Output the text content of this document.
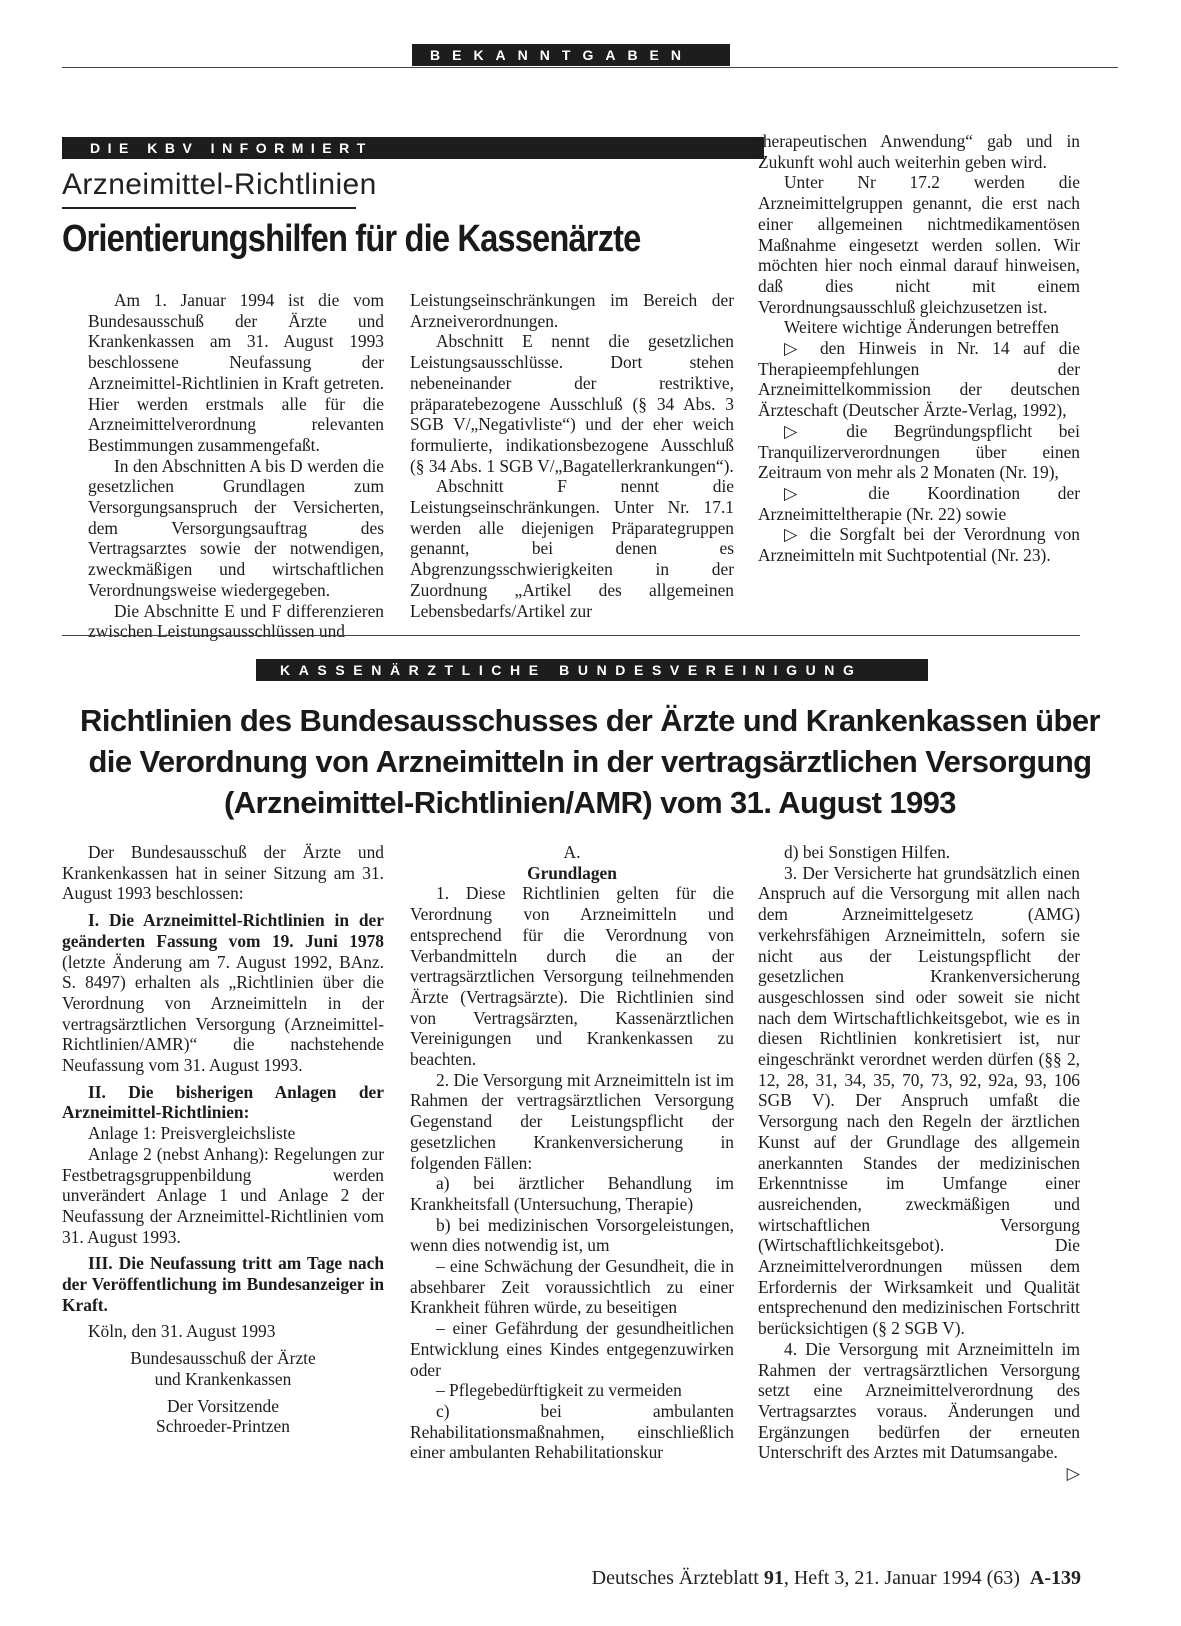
BEKANNTGABEN
DIE KBV INFORMIERT
Arzneimittel-Richtlinien
Orientierungshilfen für die Kassenärzte

Am 1. Januar 1994 ist die vom Bundesausschuß der Ärzte und Krankenkassen am 31. August 1993 beschlossene Neufassung der Arzneimittel-Richtlinien in Kraft getreten. Hier werden erstmals alle für die Arzneimittelverordnung relevanten Bestimmungen zusammengefaßt.

In den Abschnitten A bis D werden die gesetzlichen Grundlagen zum Versorgungsanspruch der Versicherten, dem Versorgungsauftrag des Vertragsarztes sowie der notwendigen, zweckmäßigen und wirtschaftlichen Verordnungsweise wiedergegeben.

Die Abschnitte E und F differenzieren zwischen Leistungsausschlüssen und

Leistungseinschränkungen im Bereich der Arzneiverordnungen.

Abschnitt E nennt die gesetzlichen Leistungsausschlüsse. Dort stehen nebeneinander der restriktive, präparatebezogene Ausschluß (§ 34 Abs. 3 SGB V/„Negativliste“) und der eher weich formulierte, indikationsbezogene Ausschluß (§ 34 Abs. 1 SGB V/„Bagatellerkrankungen“).

Abschnitt F nennt die Leistungseinschränkungen. Unter Nr. 17.1 werden alle diejenigen Präparategruppen genannt, bei denen es Abgrenzungsschwierigkeiten in der Zuordnung „Artikel des allgemeinen Lebensbedarfs/Artikel zur

therapeutischen Anwendung“ gab und in Zukunft wohl auch weiterhin geben wird.

Unter Nr 17.2 werden die Arzneimittelgruppen genannt, die erst nach einer allgemeinen nichtmedikamentösen Maßnahme eingesetzt werden sollen. Wir möchten hier noch einmal darauf hinweisen, daß dies nicht mit einem Verordnungsausschluß gleichzusetzen ist.

Weitere wichtige Änderungen betreffen

▷ den Hinweis in Nr. 14 auf die Therapieempfehlungen der Arzneimittelkommission der deutschen Ärzteschaft (Deutscher Ärzte-Verlag, 1992),

▷ die Begründungspflicht bei Tranquilizerverordnungen über einen Zeitraum von mehr als 2 Monaten (Nr. 19),

▷ die Koordination der Arzneimitteltherapie (Nr. 22) sowie

▷ die Sorgfalt bei der Verordnung von Arzneimitteln mit Suchtpotential (Nr. 23).

KASSENÄRZTLICHE BUNDESVEREINIGUNG
Richtlinien des Bundesausschusses der Ärzte und Krankenkassen über
die Verordnung von Arzneimitteln in der vertragsärztlichen Versorgung
(Arzneimittel-Richtlinien/AMR) vom 31. August 1993

Der Bundesausschuß der Ärzte und Krankenkassen hat in seiner Sitzung am 31. August 1993 beschlossen:

I. Die Arzneimittel-Richtlinien in der geänderten Fassung vom 19. Juni 1978 (letzte Änderung am 7. August 1992, BAnz. S. 8497) erhalten als „Richtlinien über die Verordnung von Arzneimitteln in der vertragsärztlichen Versorgung (Arzneimittel-Richtlinien/AMR)“ die nachstehende Neufassung vom 31. August 1993.

II. Die bisherigen Anlagen der Arzneimittel-Richtlinien:

Anlage 1: Preisvergleichsliste

Anlage 2 (nebst Anhang): Regelungen zur Festbetragsgruppenbildung werden unverändert Anlage 1 und Anlage 2 der Neufassung der Arzneimittel-Richtlinien vom 31. August 1993.

III. Die Neufassung tritt am Tage nach der Veröffentlichung im Bundesanzeiger in Kraft.

Köln, den 31. August 1993

Bundesausschuß der Ärzte

und Krankenkassen

Der Vorsitzende

Schroeder-Printzen

A.

Grundlagen

1. Diese Richtlinien gelten für die Verordnung von Arzneimitteln und entsprechend für die Verordnung von Verbandmitteln durch die an der vertragsärztlichen Versorgung teilnehmenden Ärzte (Vertragsärzte). Die Richtlinien sind von Vertragsärzten, Kassenärztlichen Vereinigungen und Krankenkassen zu beachten.

2. Die Versorgung mit Arzneimitteln ist im Rahmen der vertragsärztlichen Versorgung Gegenstand der Leistungspflicht der gesetzlichen Krankenversicherung in folgenden Fällen:

a) bei ärztlicher Behandlung im Krankheitsfall (Untersuchung, Therapie)

b) bei medizinischen Vorsorgeleistungen, wenn dies notwendig ist, um

– eine Schwächung der Gesundheit, die in absehbarer Zeit voraussichtlich zu einer Krankheit führen würde, zu beseitigen

– einer Gefährdung der gesundheitlichen Entwicklung eines Kindes entgegenzuwirken oder

– Pflegebedürftigkeit zu vermeiden

c) bei ambulanten Rehabilitationsmaßnahmen, einschließlich einer ambulanten Rehabilitationskur

d) bei Sonstigen Hilfen.

3. Der Versicherte hat grundsätzlich einen Anspruch auf die Versorgung mit allen nach dem Arzneimittelgesetz (AMG) verkehrsfähigen Arzneimitteln, sofern sie nicht aus der Leistungspflicht der gesetzlichen Krankenversicherung ausgeschlossen sind oder soweit sie nicht nach dem Wirtschaftlichkeitsgebot, wie es in diesen Richtlinien konkretisiert ist, nur eingeschränkt verordnet werden dürfen (§§ 2, 12, 28, 31, 34, 35, 70, 73, 92, 92a, 93, 106 SGB V). Der Anspruch umfaßt die Versorgung nach den Regeln der ärztlichen Kunst auf der Grundlage des allgemein anerkannten Standes der medizinischen Erkenntnisse im Umfange einer ausreichenden, zweckmäßigen und wirtschaftlichen Versorgung (Wirtschaftlichkeitsgebot). Die Arzneimittelverordnungen müssen dem Erfordernis der Wirksamkeit und Qualität entsprechenund den medizinischen Fortschritt berücksichtigen (§ 2 SGB V).

4. Die Versorgung mit Arzneimitteln im Rahmen der vertragsärztlichen Versorgung setzt eine Arzneimittelverordnung des Vertragsarztes voraus. Änderungen und Ergänzungen bedürfen der erneuten Unterschrift des Arztes mit Datumsangabe.
▷

Deutsches Ärzteblatt 91, Heft 3, 21. Januar 1994 (63) A-139
